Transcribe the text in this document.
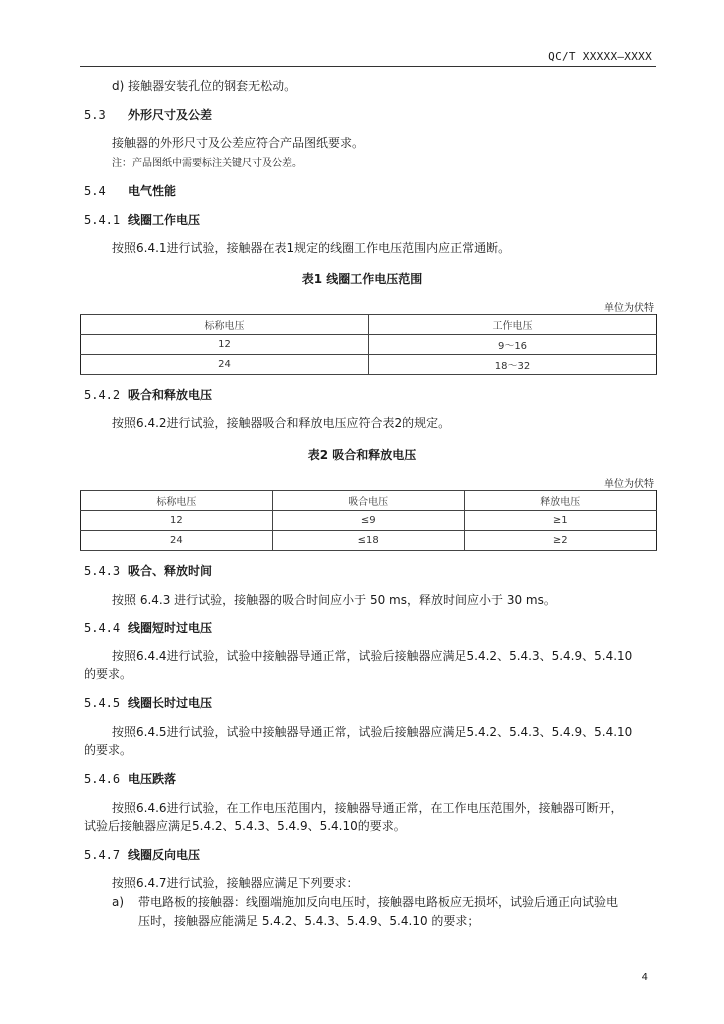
QC/T XXXXX—XXXX
d) 接触器安装孔位的钢套无松动。
5.3 外形尺寸及公差
接触器的外形尺寸及公差应符合产品图纸要求。
注：产品图纸中需要标注关键尺寸及公差。
5.4 电气性能
5.4.1 线圈工作电压
按照6.4.1进行试验，接触器在表1规定的线圈工作电压范围内应正常通断。
表1 线圈工作电压范围
单位为伏特
标称电压	工作电压
12	9～16
24	18～32
5.4.2 吸合和释放电压
按照6.4.2进行试验，接触器吸合和释放电压应符合表2的规定。
表2 吸合和释放电压
单位为伏特
标称电压	吸合电压	释放电压
12	≤9	≥1
24	≤18	≥2
5.4.3 吸合、释放时间
按照 6.4.3 进行试验，接触器的吸合时间应小于 50 ms，释放时间应小于 30 ms。
5.4.4 线圈短时过电压
按照6.4.4进行试验，试验中接触器导通正常，试验后接触器应满足5.4.2、5.4.3、5.4.9、5.4.10
的要求。
5.4.5 线圈长时过电压
按照6.4.5进行试验，试验中接触器导通正常，试验后接触器应满足5.4.2、5.4.3、5.4.9、5.4.10
的要求。
5.4.6 电压跌落
按照6.4.6进行试验，在工作电压范围内，接触器导通正常，在工作电压范围外，接触器可断开，
试验后接触器应满足5.4.2、5.4.3、5.4.9、5.4.10的要求。
5.4.7 线圈反向电压
按照6.4.7进行试验，接触器应满足下列要求：
a) 带电路板的接触器：线圈端施加反向电压时，接触器电路板应无损坏，试验后通正向试验电
压时，接触器应能满足 5.4.2、5.4.3、5.4.9、5.4.10 的要求；
4
